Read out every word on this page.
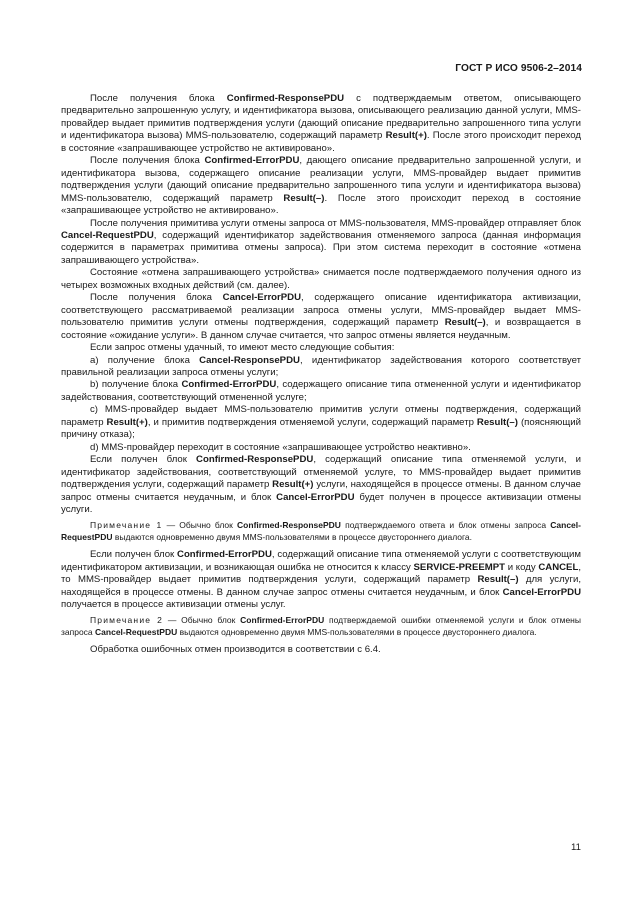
ГОСТ Р ИСО 9506-2–2014

После получения блока Confirmed-ResponsePDU с подтверждаемым ответом, описывающего предварительно запрошенную услугу, и идентификатора вызова, описывающего реализацию данной услуги, MMS-провайдер выдает примитив подтверждения услуги (дающий описание предварительно запрошенного типа услуги и идентификатора вызова) MMS-пользователю, содержащий параметр Result(+). После этого происходит переход в состояние «запрашивающее устройство не активировано».

После получения блока Confirmed-ErrorPDU, дающего описание предварительно запрошенной услуги, и идентификатора вызова, содержащего описание реализации услуги, MMS-провайдер выдает примитив подтверждения услуги (дающий описание предварительно запрошенного типа услуги и идентификатора вызова) MMS-пользователю, содержащий параметр Result(–). После этого происходит переход в состояние «запрашивающее устройство не активировано».

После получения примитива услуги отмены запроса от MMS-пользователя, MMS-провайдер отправляет блок Cancel-RequestPDU, содержащий идентификатор задействования отменяемого запроса (данная информация содержится в параметрах примитива отмены запроса). При этом система переходит в состояние «отмена запрашивающего устройства».

Состояние «отмена запрашивающего устройства» снимается после подтверждаемого получения одного из четырех возможных входных действий (см. далее).

После получения блока Cancel-ErrorPDU, содержащего описание идентификатора активизации, соответствующего рассматриваемой реализации запроса отмены услуги, MMS-провайдер выдает MMS-пользователю примитив услуги отмены подтверждения, содержащий параметр Result(–), и возвращается в состояние «ожидание услуги». В данном случае считается, что запрос отмены является неудачным.

Если запрос отмены удачный, то имеют место следующие события:

a) получение блока Cancel-ResponsePDU, идентификатор задействования которого соответствует правильной реализации запроса отмены услуги;

b) получение блока Confirmed-ErrorPDU, содержащего описание типа отмененной услуги и идентификатор задействования, соответствующий отмененной услуге;

c) MMS-провайдер выдает MMS-пользователю примитив услуги отмены подтверждения, содержащий параметр Result(+), и примитив подтверждения отменяемой услуги, содержащий параметр Result(–) (поясняющий причину отказа);

d) MMS-провайдер переходит в состояние «запрашивающее устройство неактивно».

Если получен блок Confirmed-ResponsePDU, содержащий описание типа отменяемой услуги, и идентификатор задействования, соответствующий отменяемой услуге, то MMS-провайдер выдает примитив подтверждения услуги, содержащий параметр Result(+) услуги, находящейся в процессе отмены. В данном случае запрос отмены считается неудачным, и блок Cancel-ErrorPDU будет получен в процессе активизации отмены услуги.

Примечание 1 — Обычно блок Confirmed-ResponsePDU подтверждаемого ответа и блок отмены запроса Cancel-RequestPDU выдаются одновременно двумя MMS-пользователями в процессе двустороннего диалога.

Если получен блок Confirmed-ErrorPDU, содержащий описание типа отменяемой услуги с соответствующим идентификатором активизации, и возникающая ошибка не относится к классу SERVICE-PREEMPT и коду CANCEL, то MMS-провайдер выдает примитив подтверждения услуги, содержащий параметр Result(–) для услуги, находящейся в процессе отмены. В данном случае запрос отмены считается неудачным, и блок Cancel-ErrorPDU получается в процессе активизации отмены услуг.

Примечание 2 — Обычно блок Confirmed-ErrorPDU подтверждаемой ошибки отменяемой услуги и блок отмены запроса Cancel-RequestPDU выдаются одновременно двумя MMS-пользователями в процессе двустороннего диалога.

Обработка ошибочных отмен производится в соответствии с 6.4.

11
